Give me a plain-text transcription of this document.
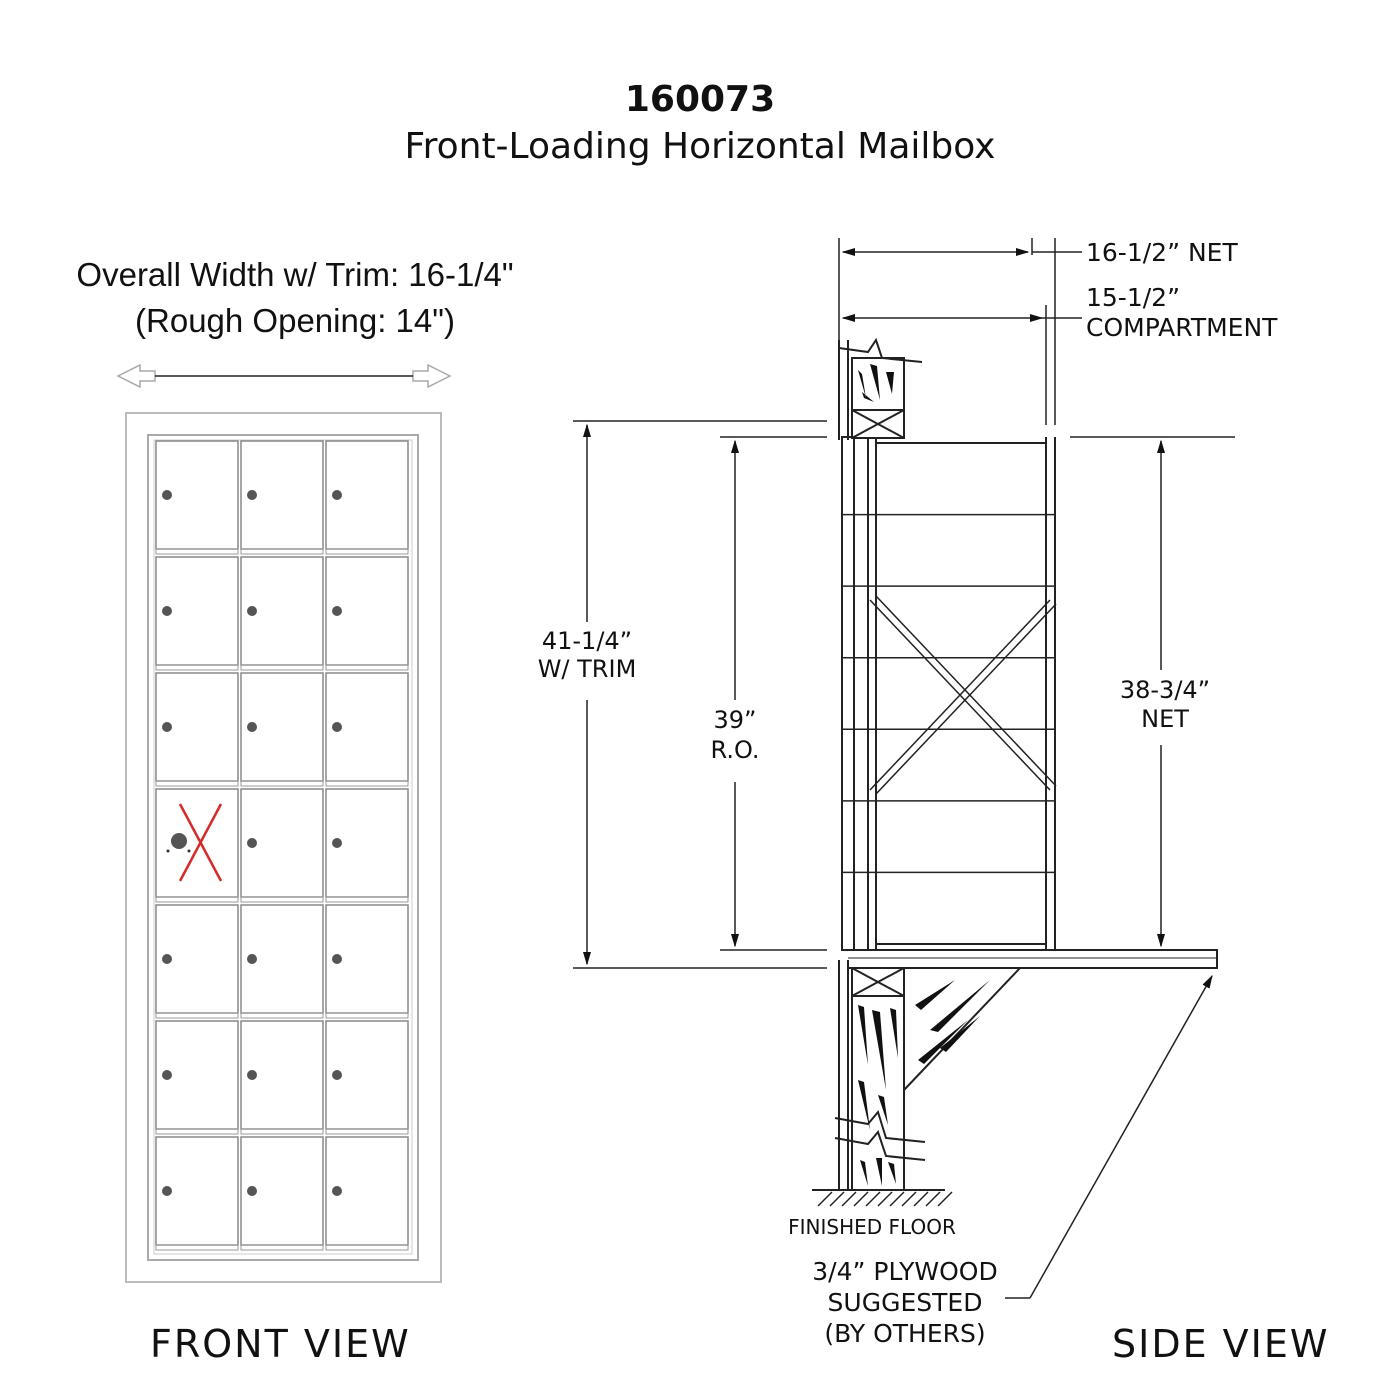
160073
Front-Loading Horizontal Mailbox
Overall Width w/ Trim: 16-1/4"
(Rough Opening: 14")
16-1/2” NET
15-1/2”
COMPARTMENT
41-1/4”
W/ TRIM
39”
R.O.
38-3/4”
NET
FINISHED FLOOR
3/4” PLYWOOD
SUGGESTED
(BY OTHERS)
FRONT VIEW	SIDE VIEW
